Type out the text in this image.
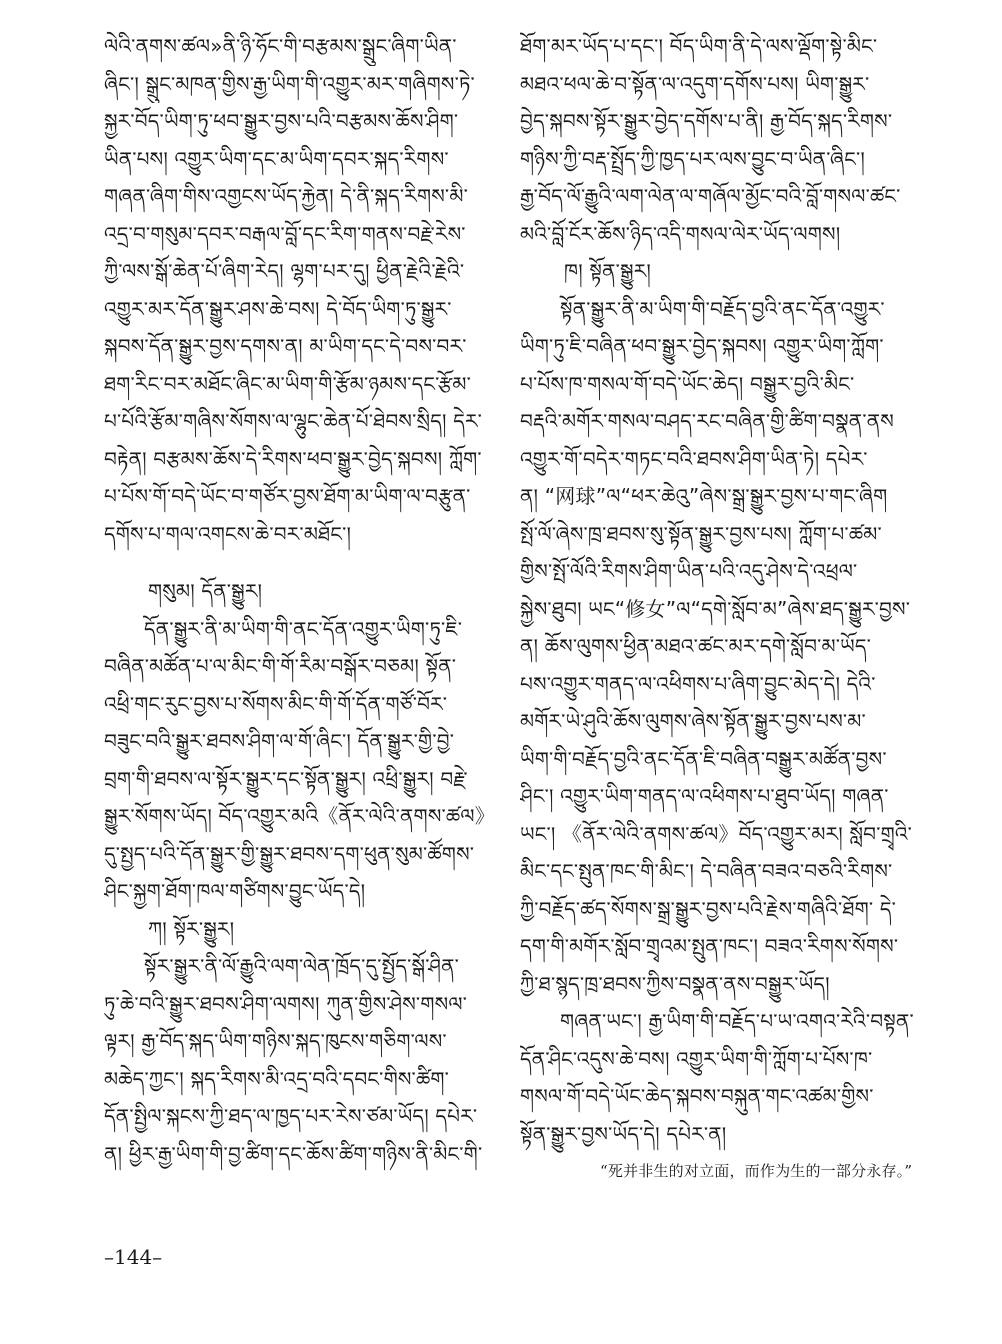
ལེའི་ནགས་ཚལ»ནི་ཉི་ཧོང་གི་བརྩམས་སྒྲུང་ཞིག་ཡིན་
ཞིང་། སྒྲུང་མཁན་གྱིས་རྒྱ་ཡིག་གི་འགྱུར་མར་གཞིགས་ཏེ་
སྐྱར་བོད་ཡིག་ཏུ་ཕབ་སྒྱུར་བྱས་པའི་བརྩམས་ཆོས་ཤིག་
ཡིན་པས། འགྱུར་ཡིག་དང་མ་ཡིག་དབར་སྐད་རིགས་
གཞན་ཞིག་གིས་འགྱངས་ཡོད་རྐྱེན། དེ་ནི་སྐད་རིགས་མི་
འདྲ་བ་གསུམ་དབར་བརྒལ་བློ་དང་རིག་གནས་བརྗེ་རེས་
ཀྱི་ལས་སྒོ་ཆེན་པོ་ཞིག་རེད། ལྷག་པར་དུ། ཕྱིན་རྗེའི་རྗེའི་
འགྱུར་མར་དོན་སྒྱུར་ཤས་ཆེ་བས། དེ་བོད་ཡིག་ཏུ་སྒྱུར་
སྐབས་དོན་སྒྱུར་བྱས་དགས་ན། མ་ཡིག་དང་དེ་བས་བར་
ཐག་རིང་བར་མཐོང་ཞིང་མ་ཡིག་གི་རྩོམ་ཉམས་དང་རྩོམ་
པ་པོའི་རྩོམ་གཞིས་སོགས་ལ་ལྷུང་ཆེན་པོ་ཐེབས་སྲིད། དེར་
བརྟེན། བརྩམས་ཆོས་དེ་རིགས་ཕབ་སྒྱུར་བྱེད་སྐབས། ཀློག་
པ་པོས་གོ་བདེ་ཡོང་བ་གཙོར་བྱས་ཐོག་མ་ཡིག་ལ་བརྩུན་
དགོས་པ་གལ་འགངས་ཆེ་བར་མཐོང་།
གསུམ། དོན་སྒྱུར།
དོན་སྒྱུར་ནི་མ་ཡིག་གི་ནང་དོན་འགྱུར་ཡིག་ཏུ་ཇི་
བཞིན་མཚོན་པ་ལ་མིང་གི་གོ་རིམ་བསྒོར་བཅམ། སྟོན་
འཕྲི་གང་རུང་བྱས་པ་སོགས་མིང་གི་གོ་དོན་གཙོ་བོར་
བཟུང་བའི་སྒྱུར་ཐབས་ཤིག་ལ་གོ་ཞིང་། དོན་སྒྱུར་གྱི་བྱེ་
བྲག་གི་ཐབས་ལ་སྟོར་སྒྱུར་དང་སྟོན་སྒྱུར། འཕྲི་སྒྱུར། བརྗེ་
སྒྱུར་སོགས་ཡོད། བོད་འགྱུར་མའི《ནོར་ལེའི་ནགས་ཚལ》
དུ་སྤྱད་པའི་དོན་སྒྱུར་གྱི་སྒྱུར་ཐབས་དག་ཕུན་སུམ་ཚོགས་
ཤིང་སྐྱག་ཐོག་ཁལ་གཙིགས་བྱུང་ཡོད་དེ།
ཀ། སྟོར་སྒྱུར།
སྟོར་སྒྱུར་ནི་ལོ་རྒྱུའི་ལག་ལེན་ཁྲོད་དུ་སྤྱོད་སྒོ་ཤིན་
ཏུ་ཆེ་བའི་སྒྱུར་ཐབས་ཤིག་ལགས། ཀུན་གྱིས་ཤེས་གསལ་
ལྟར། རྒྱ་བོད་སྐད་ཡིག་གཉིས་སྐད་ཁུངས་གཅིག་ལས་
མཆེད་ཀྱང་། སྐད་རིགས་མི་འདྲ་བའི་དབང་གིས་ཚིག་
དོན་སྤྱིལ་སྐངས་ཀྱི་ཐད་ལ་ཁྱད་པར་རེས་ཙམ་ཡོད། དཔེར་
ན། ཕྱིར་རྒྱ་ཡིག་གི་བྱ་ཚིག་དང་ཆོས་ཚིག་གཉིས་ནི་མིང་གི་
ཐོག་མར་ཡོད་པ་དང་། བོད་ཡིག་ནི་དེ་ལས་ལྡོག་སྟེ་མིང་
མཐའ་ཕལ་ཆེ་བ་སྟོན་ལ་འདུག་དགོས་པས། ཡིག་སྒྱུར་
བྱེད་སྐབས་སྟོར་སྒྱུར་བྱེད་དགོས་པ་ནི། རྒྱ་བོད་སྐད་རིགས་
གཉིས་ཀྱི་བརྡ་སྤྲོད་ཀྱི་ཁྱད་པར་ལས་བྱུང་བ་ཡིན་ཞིང་།
རྒྱ་བོད་ལོ་རྒྱུའི་ལག་ལེན་ལ་གཞོལ་མྱོང་བའི་བློ་གསལ་ཚང་
མའི་བློ་ངོར་ཆོས་ཉིད་འདི་གསལ་ལེར་ཡོད་ལགས།
ཁ། སྟོན་སྒྱུར།
སྟོན་སྒྱུར་ནི་མ་ཡིག་གི་བརྗོད་བྱའི་ནང་དོན་འགྱུར་
ཡིག་ཏུ་ཇི་བཞིན་ཕབ་སྒྱུར་བྱེད་སྐབས། འགྱུར་ཡིག་ཀློག་
པ་པོས་ཁ་གསལ་གོ་བདེ་ཡོང་ཆེད། བསྒྱུར་བྱའི་མིང་
བརྡའི་མགོར་གསལ་བཤད་རང་བཞིན་གྱི་ཚིག་བསྣན་ནས
འགྱུར་གོ་བདེར་གཏང་བའི་ཐབས་ཤིག་ཡིན་ཏེ། དཔེར་
ན། “网球”ལ“ཕར་ཆེའུ”ཞེས་སྒྲ་སྒྱུར་བྱས་པ་གང་ཞིག
སྤོ་ལོ་ཞེས་ཁྲ་ཐབས་སུ་སྟོན་སྒྱུར་བྱས་པས། ཀློག་པ་ཚམ་
གྱིས་སྤོ་ལོའི་རིགས་ཤིག་ཡིན་པའི་འདུ་ཤེས་དེ་འཕྲལ་
སྐྱེས་ཐུབ། ཡང“修女”ལ“དགེ་སློབ་མ”ཞེས་ཐད་སྒྱུར་བྱས་
ན། ཆོས་ལུགས་ཕྱིན་མཐའ་ཚང་མར་དགེ་སློབ་མ་ཡོད་
པས་འགྱུར་གནད་ལ་འཕིགས་པ་ཞིག་བྱུང་མེད་དེ། དེའི་
མགོར་ཡེ་ཤུའི་ཆོས་ལུགས་ཞེས་སྟོན་སྒྱུར་བྱས་པས་མ་
ཡིག་གི་བརྗོད་བྱའི་ནང་དོན་ཇི་བཞིན་བསྒྱུར་མཚོན་བྱས་
ཤིང་། འགྱུར་ཡིག་གནད་ལ་འཕིགས་པ་ཐུབ་ཡོད། གཞན་
ཡང་། 《ནོར་ལེའི་ནགས་ཚལ》བོད་འགྱུར་མར། སློབ་གྲྭའི་
མིང་དང་སྤུན་ཁང་གི་མིང་། དེ་བཞིན་བཟའ་བཅའི་རིགས་
ཀྱི་བརྗོད་ཚད་སོགས་སྒྲ་སྒྱུར་བྱས་པའི་རྗེས་གཞིའི་ཐོག་ དེ་
དག་གི་མགོར་སློབ་གྲྭའམ་སྤུན་ཁང་། བཟའ་རིགས་སོགས་
ཀྱི་ཐ་སྙད་ཁྲ་ཐབས་ཀྱིས་བསྣན་ནས་བསྒྱུར་ཡོད།
གཞན་ཡང་། རྒྱ་ཡིག་གི་བརྗོད་པ་ཡ་འགའ་རེའི་བསྟན་
དོན་ཤིང་འདུས་ཆེ་བས། འགྱུར་ཡིག་གི་ཀློག་པ་པོས་ཁ་
གསལ་གོ་བདེ་ཡོང་ཆེད་སྐབས་བསྐུན་གང་འཚམ་གྱིས་
སྟོན་སྒྱུར་བྱས་ཡོད་དེ། དཔེར་ན།
“死并非生的对立面，而作为生的一部分永存。”
–144–
